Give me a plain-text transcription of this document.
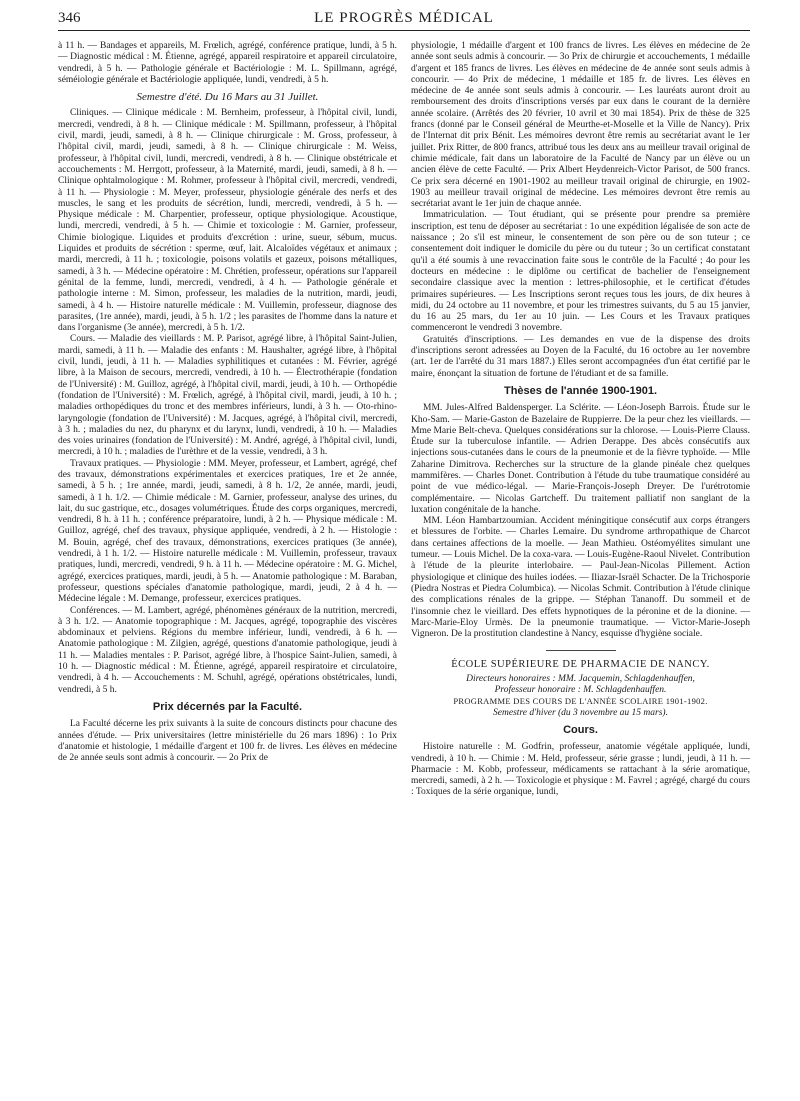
346	LE PROGRÈS MÉDICAL

à 11 h. — Bandages et appareils, M. Frœlich, agrégé, conférence pratique, lundi, à 5 h. — Diagnostic médical : M. Étienne, agrégé, appareil respiratoire et appareil circulatoire, vendredi, à 5 h. — Pathologie générale et Bactériologie : M. L. Spillmann, agrégé, séméiologie générale et Bactériologie appliquée, lundi, vendredi, à 5 h.

Semestre d'été. Du 16 Mars au 31 Juillet.

Cliniques. — Clinique médicale : M. Bernheim, professeur, à l'hôpital civil, lundi, mercredi, vendredi, à 8 h. — Clinique médicale : M. Spillmann, professeur, à l'hôpital civil, mardi, jeudi, samedi, à 8 h. — Clinique chirurgicale : M. Gross, professeur, à l'hôpital civil, mardi, jeudi, samedi, à 8 h. — Clinique chirurgicale : M. Weiss, professeur, à l'hôpital civil, lundi, mercredi, vendredi, à 8 h. — Clinique obstétricale et accouchements : M. Herrgott, professeur, à la Maternité, mardi, jeudi, samedi, à 8 h. — Clinique ophtalmologique : M. Rohmer, professeur à l'hôpital civil, mercredi, vendredi, à 11 h. — Physiologie : M. Meyer, professeur, physiologie générale des nerfs et des muscles, le sang et les produits de sécrétion, lundi, mercredi, vendredi, à 5 h. — Physique médicale : M. Charpentier, professeur, optique physiologique. Acoustique, lundi, mercredi, vendredi, à 5 h. — Chimie et toxicologie : M. Garnier, professeur, Chimie biologique. Liquides et produits d'excrétion : urine, sueur, sébum, mucus. Liquides et produits de sécrétion : sperme, œuf, lait. Alcaloïdes végétaux et animaux ; mardi, mercredi, à 11 h. ; toxicologie, poisons volatils et gazeux, poisons métalliques, samedi, à 3 h. — Médecine opératoire : M. Chrétien, professeur, opérations sur l'appareil génital de la femme, lundi, mercredi, vendredi, à 4 h. — Pathologie générale et pathologie interne : M. Simon, professeur, les maladies de la nutrition, mardi, jeudi, samedi, à 4 h. — Histoire naturelle médicale : M. Vuillemin, professeur, diagnose des parasites, (1re année), mardi, jeudi, à 5 h. 1/2 ; les parasites de l'homme dans la nature et dans l'organisme (3e année), mercredi, à 5 h. 1/2.

Cours. — Maladie des vieillards : M. P. Parisot, agrégé libre, à l'hôpital Saint-Julien, mardi, samedi, à 11 h. — Maladie des enfants : M. Haushalter, agrégé libre, à l'hôpital civil, lundi, jeudi, à 11 h. — Maladies syphilitiques et cutanées : M. Février, agrégé libre, à la Maison de secours, mercredi, vendredi, à 10 h. — Électrothérapie (fondation de l'Université) : M. Guilloz, agrégé, à l'hôpital civil, mardi, jeudi, à 10 h. — Orthopédie (fondation de l'Université) : M. Frœlich, agrégé, à l'hôpital civil, mardi, jeudi, à 10 h. ; maladies orthopédiques du tronc et des membres inférieurs, lundi, à 3 h. — Oto-rhino-laryngologie (fondation de l'Université) : M. Jacques, agrégé, à l'hôpital civil, mercredi, à 3 h. ; maladies du nez, du pharynx et du larynx, lundi, vendredi, à 10 h. — Maladies des voies urinaires (fondation de l'Université) : M. André, agrégé, à l'hôpital civil, lundi, mercredi, à 10 h. ; maladies de l'urèthre et de la vessie, vendredi, à 3 h.

Travaux pratiques. — Physiologie : MM. Meyer, professeur, et Lambert, agrégé, chef des travaux, démonstrations expérimentales et exercices pratiques, 1re et 2e année, samedi, à 5 h. ; 1re année, mardi, jeudi, samedi, à 8 h. 1/2, 2e année, mardi, jeudi, samedi, à 1 h. 1/2. — Chimie médicale : M. Garnier, professeur, analyse des urines, du lait, du suc gastrique, etc., dosages volumétriques. Étude des corps organiques, mercredi, vendredi, 8 h. à 11 h. ; conférence préparatoire, lundi, à 2 h. — Physique médicale : M. Guilloz, agrégé, chef des travaux, physique appliquée, vendredi, à 2 h. — Histologie : M. Bouin, agrégé, chef des travaux, démonstrations, exercices pratiques (3e année), vendredi, à 1 h. 1/2. — Histoire naturelle médicale : M. Vuillemin, professeur, travaux pratiques, lundi, mercredi, vendredi, 9 h. à 11 h. — Médecine opératoire : M. G. Michel, agrégé, exercices pratiques, mardi, jeudi, à 5 h. — Anatomie pathologique : M. Baraban, professeur, questions spéciales d'anatomie pathologique, mardi, jeudi, 2 à 4 h. — Médecine légale : M. Demange, professeur, exercices pratiques.

Conférences. — M. Lambert, agrégé, phénomènes généraux de la nutrition, mercredi, à 3 h. 1/2. — Anatomie topographique : M. Jacques, agrégé, topographie des viscères abdominaux et pelviens. Régions du membre inférieur, lundi, vendredi, à 6 h. — Anatomie pathologique : M. Zilgien, agrégé, questions d'anatomie pathologique, jeudi à 11 h. — Maladies mentales : P. Parisot, agrégé libre, à l'hospice Saint-Julien, samedi, à 10 h. — Diagnostic médical : M. Étienne, agrégé, appareil respiratoire et circulatoire, vendredi, à 4 h. — Accouchements : M. Schuhl, agrégé, opérations obstétricales, lundi, vendredi, à 5 h.

Prix décernés par la Faculté.

La Faculté décerne les prix suivants à la suite de concours distincts pour chacune des années d'étude. — Prix universitaires (lettre ministérielle du 26 mars 1896) : 1o Prix d'anatomie et histologie, 1 médaille d'argent et 100 fr. de livres. Les élèves en médecine de 2e année seuls sont admis à concourir. — 2o Prix de

physiologie, 1 médaille d'argent et 100 francs de livres. Les élèves en médecine de 2e année sont seuls admis à concourir. — 3o Prix de chirurgie et accouchements, 1 médaille d'argent et 185 francs de livres. Les élèves en médecine de 4e année sont seuls admis à concourir. — 4o Prix de médecine, 1 médaille et 185 fr. de livres. Les élèves en médecine de 4e année sont seuls admis à concourir. — Les lauréats auront droit au remboursement des droits d'inscriptions versés par eux dans le courant de la dernière année scolaire. (Arrêtés des 20 février, 10 avril et 30 mai 1854). Prix de thèse de 325 francs (donné par le Conseil général de Meurthe-et-Moselle et la Ville de Nancy). Prix de l'Internat dit prix Bénit. Les mémoires devront être remis au secrétariat avant le 1er juillet. Prix Ritter, de 800 francs, attribué tous les deux ans au meilleur travail original de chimie médicale, fait dans un laboratoire de la Faculté de Nancy par un élève ou un ancien élève de cette Faculté. — Prix Albert Heydenreich-Victor Parisot, de 500 francs. Ce prix sera décerné en 1901-1902 au meilleur travail original de chirurgie, en 1902-1903 au meilleur travail original de médecine. Les mémoires devront être remis au secrétariat avant le 1er juin de chaque année.

Immatriculation. — Tout étudiant, qui se présente pour prendre sa première inscription, est tenu de déposer au secrétariat : 1o une expédition légalisée de son acte de naissance ; 2o s'il est mineur, le consentement de son père ou de son tuteur ; ce consentement doit indiquer le domicile du père ou du tuteur ; 3o un certificat constatant qu'il a été soumis à une revaccination faite sous le contrôle de la Faculté ; 4o pour les docteurs en médecine : le diplôme ou certificat de bachelier de l'enseignement secondaire classique avec la mention : lettres-philosophie, et le certificat d'études primaires supérieures. — Les Inscriptions seront reçues tous les jours, de dix heures à midi, du 24 octobre au 11 novembre, et pour les trimestres suivants, du 5 au 15 janvier, du 16 au 25 mars, du 1er au 10 juin. — Les Cours et les Travaux pratiques commenceront le vendredi 3 novembre.

Gratuités d'inscriptions. — Les demandes en vue de la dispense des droits d'inscriptions seront adressées au Doyen de la Faculté, du 16 octobre au 1er novembre (art. 1er de l'arrêté du 31 mars 1887.) Elles seront accompagnées d'un état certifié par le maire, énonçant la situation de fortune de l'étudiant et de sa famille.

Thèses de l'année 1900-1901.

MM. Jules-Alfred Baldensperger. La Sclérite. — Léon-Joseph Barrois. Étude sur le Kho-Sam. — Marie-Gaston de Bazelaire de Ruppierre. De la peur chez les vieillards. — Mme Marie Belt-cheva. Quelques considérations sur la chlorose. — Louis-Pierre Clauss. Étude sur la tuberculose infantile. — Adrien Derappe. Des abcès consécutifs aux injections sous-cutanées dans le cours de la pneumonie et de la fièvre typhoïde. — Mlle Zaharine Dimitrova. Recherches sur la structure de la glande pinéale chez quelques mammifères. — Charles Donet. Contribution à l'étude du tube traumatique considéré au point de vue médico-légal. — Marie-François-Joseph Dreyer. De l'urétrotomie complémentaire. — Nicolas Gartcheff. Du traitement palliatif non sanglant de la luxation congénitale de la hanche.

MM. Léon Hambartzoumian. Accident méningitique consécutif aux corps étrangers et blessures de l'orbite. — Charles Lemaire. Du syndrome arthropathique de Charcot dans certaines affections de la moelle. — Jean Mathieu. Ostéomyélites simulant une tumeur. — Louis Michel. De la coxa-vara. — Louis-Eugène-Raoul Nivelet. Contribution à l'étude de la pleurite interlobaire. — Paul-Jean-Nicolas Pillement. Action physiologique et clinique des huiles iodées. — Iliazar-Israël Schacter. De la Trichosporie (Piedra Nostras et Piedra Columbica). — Nicolas Schmit. Contribution à l'étude clinique des complications rénales de la grippe. — Stéphan Tananoff. Du sommeil et de l'insomnie chez le vieillard. Des effets hypnotiques de la péronine et de la dionine. — Marc-Marie-Eloy Urmès. De la pneumonie traumatique. — Victor-Marie-Joseph Vigneron. De la prostitution clandestine à Nancy, esquisse d'hygiène sociale.

ÉCOLE SUPÉRIEURE DE PHARMACIE DE NANCY.
Directeurs honoraires : MM. Jacquemin, Schlagdenhauffen,
Professeur honoraire : M. Schlagdenhauffen.
PROGRAMME DES COURS DE L'ANNÉE SCOLAIRE 1901-1902.
Semestre d'hiver (du 3 novembre au 15 mars).
Cours.

Histoire naturelle : M. Godfrin, professeur, anatomie végétale appliquée, lundi, vendredi, à 10 h. — Chimie : M. Held, professeur, série grasse ; lundi, jeudi, à 11 h. — Pharmacie : M. Kobb, professeur, médicaments se rattachant à la série aromatique, mercredi, samedi, à 2 h. — Toxicologie et physique : M. Favrel ; agrégé, chargé du cours : Toxiques de la série organique, lundi,
